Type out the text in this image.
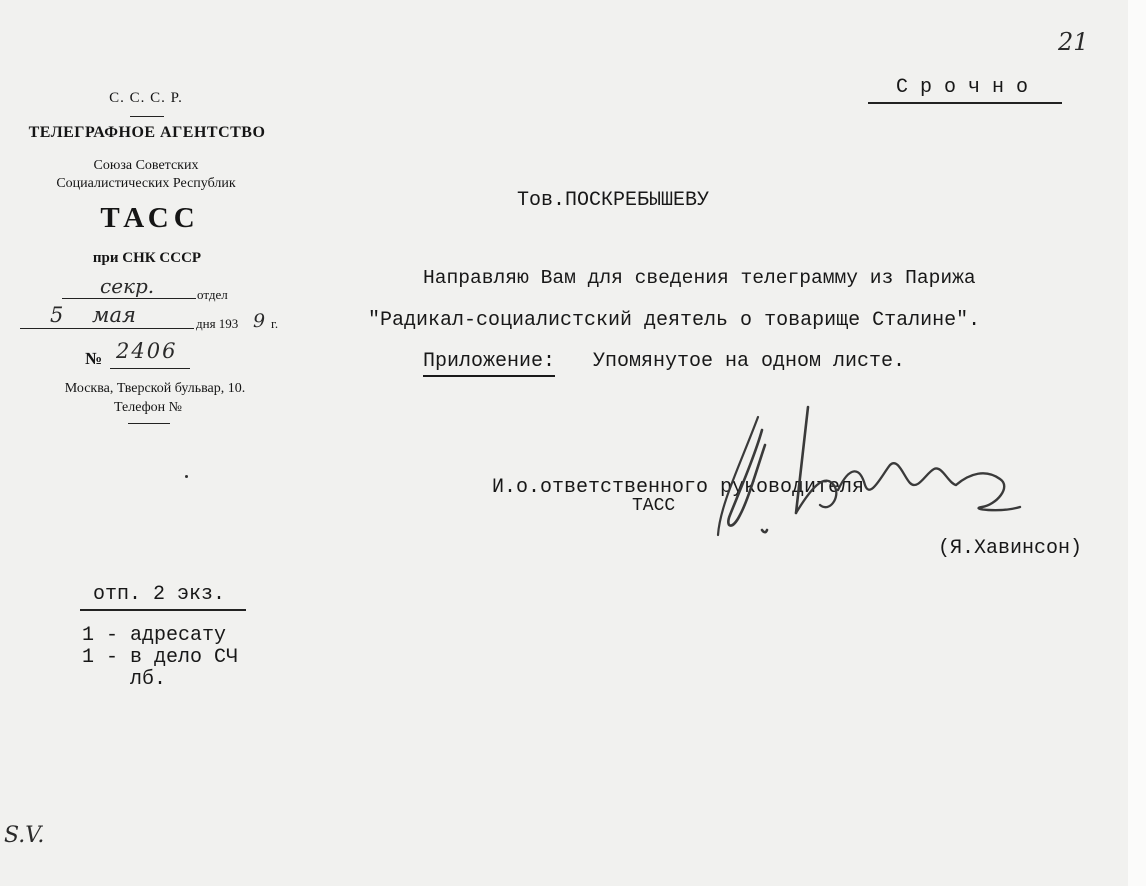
21
С. С. С. Р.
ТЕЛЕГРАФНОЕ АГЕНТСТВО
Союза Советских
Социалистических Республик
ТАСС
при СНК СССР
секр.	отдел
5 мая	дня 193 9 г.
№ 2406
Москва, Тверской бульвар, 10.
Телефон №
С р о ч н о
Тов.ПОСКРЕБЫШЕВУ
Направляю Вам для сведения телеграмму из Парижа
"Радикал-социалистский деятель о товарище Сталине".
Приложение: Упомянутое на одном листе.
И.о.ответственного руководителя
ТАСС
(Я.Хавинсон)
отп. 2 экз.
1 - адресату
1 - в дело СЧ
лб.
S.V.
